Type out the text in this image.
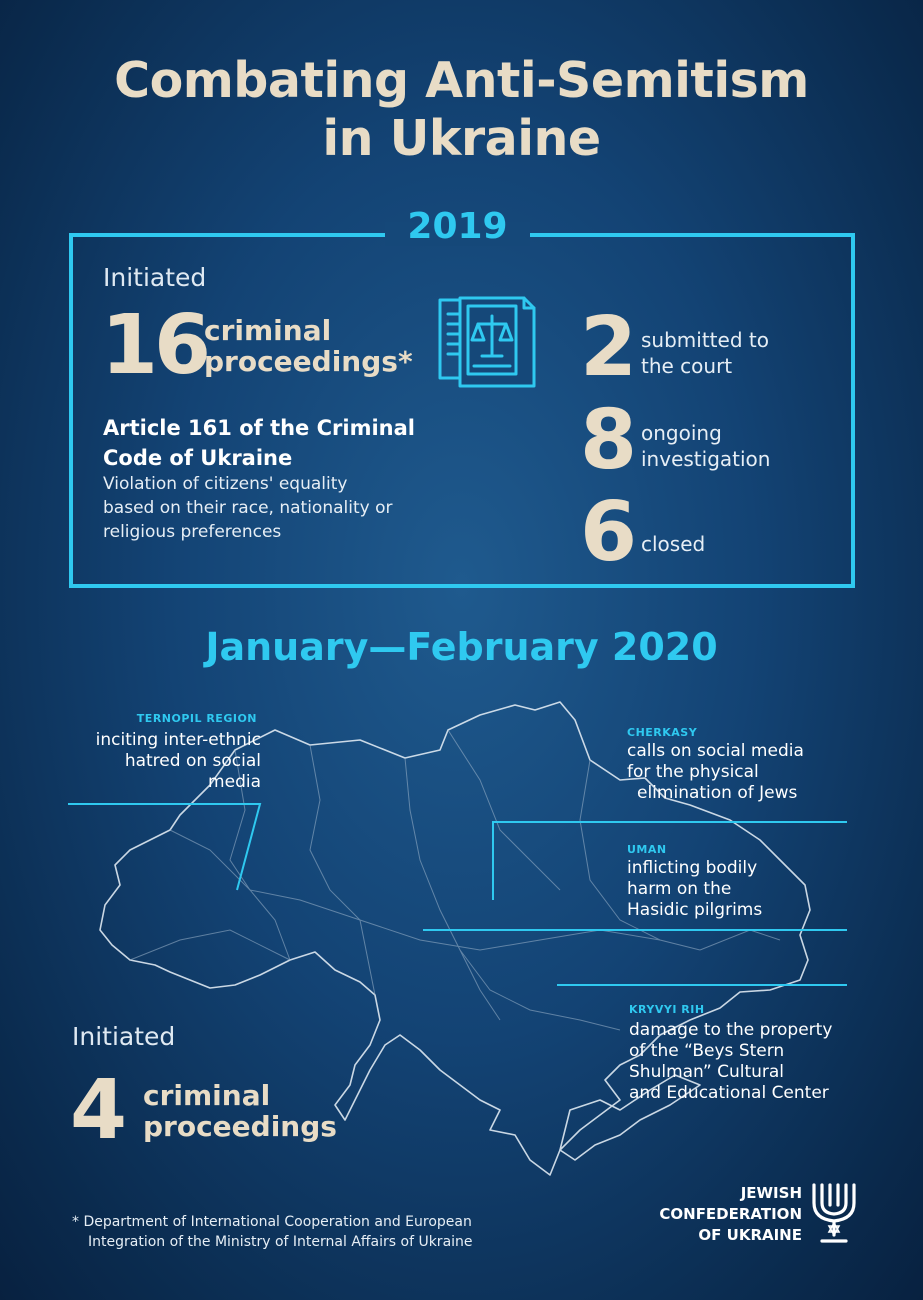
Combating Anti-Semitism
in Ukraine
2019
Initiated
16
criminal
proceedings*
Article 161 of the Criminal
Code of Ukraine
Violation of citizens' equality
based on their race, nationality or
religious preferences
2 submitted to
the court
8 ongoing
investigation
6 closed
January—February 2020
TERNOPIL REGION
inciting inter-ethnic
hatred on social
media
CHERKASY
calls on social media
for the physical
elimination of Jews
UMAN
inflicting bodily
harm on the
Hasidic pilgrims
KRYVYI RIH
damage to the property
of the “Beys Stern
Shulman” Cultural
and Educational Center
Initiated
4 criminal
proceedings
* Department of International Cooperation and European
Integration of the Ministry of Internal Affairs of Ukraine
JEWISH
CONFEDERATION
OF UKRAINE
